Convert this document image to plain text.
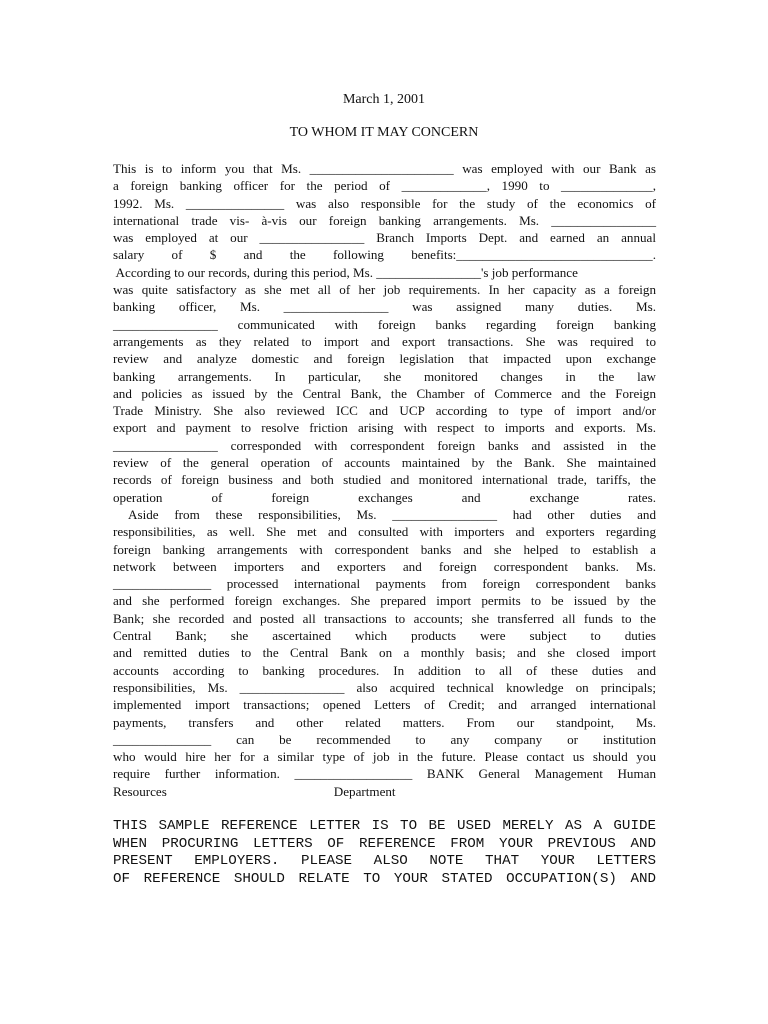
March 1, 2001
TO WHOM IT MAY CONCERN
This is to inform you that Ms. ______________________ was employed with our Bank as
a foreign banking officer for the period of _____________, 1990 to ______________,
1992. Ms. _______________ was also responsible for the study of the economics of
international trade vis- à-vis our foreign banking arrangements. Ms. ________________
was employed at our ________________ Branch Imports Dept. and earned an annual
salary of $ and the following benefits:______________________________.
According to our records, during this period, Ms. ________________'s job performance
was quite satisfactory as she met all of her job requirements. In her capacity as a foreign
banking officer, Ms. ________________ was assigned many duties. Ms.
________________ communicated with foreign banks regarding foreign banking
arrangements as they related to import and export transactions. She was required to
review and analyze domestic and foreign legislation that impacted upon exchange
banking arrangements. In particular, she monitored changes in the law
and policies as issued by the Central Bank, the Chamber of Commerce and the Foreign
Trade Ministry. She also reviewed ICC and UCP according to type of import and/or
export and payment to resolve friction arising with respect to imports and exports. Ms.
________________ corresponded with correspondent foreign banks and assisted in the
review of the general operation of accounts maintained by the Bank. She maintained
records of foreign business and both studied and monitored international trade, tariffs, the
operation of foreign exchanges and exchange rates.
Aside from these responsibilities, Ms. ________________ had other duties and
responsibilities, as well. She met and consulted with importers and exporters regarding
foreign banking arrangements with correspondent banks and she helped to establish a
network between importers and exporters and foreign correspondent banks. Ms.
_______________ processed international payments from foreign correspondent banks
and she performed foreign exchanges. She prepared import permits to be issued by the
Bank; she recorded and posted all transactions to accounts; she transferred all funds to the
Central Bank; she ascertained which products were subject to duties
and remitted duties to the Central Bank on a monthly basis; and she closed import
accounts according to banking procedures. In addition to all of these duties and
responsibilities, Ms. ________________ also acquired technical knowledge on principals;
implemented import transactions; opened Letters of Credit; and arranged international
payments, transfers and other related matters. From our standpoint, Ms.
_______________ can be recommended to any company or institution
who would hire her for a similar type of job in the future. Please contact us should you
require further information. __________________ BANK General Management Human
Resources                                                   Department
THIS SAMPLE REFERENCE LETTER IS TO BE USED MERELY AS A GUIDE
WHEN PROCURING LETTERS OF REFERENCE FROM YOUR PREVIOUS AND
PRESENT EMPLOYERS. PLEASE ALSO NOTE THAT YOUR LETTERS
OF REFERENCE SHOULD RELATE TO YOUR STATED OCCUPATION(S) AND
